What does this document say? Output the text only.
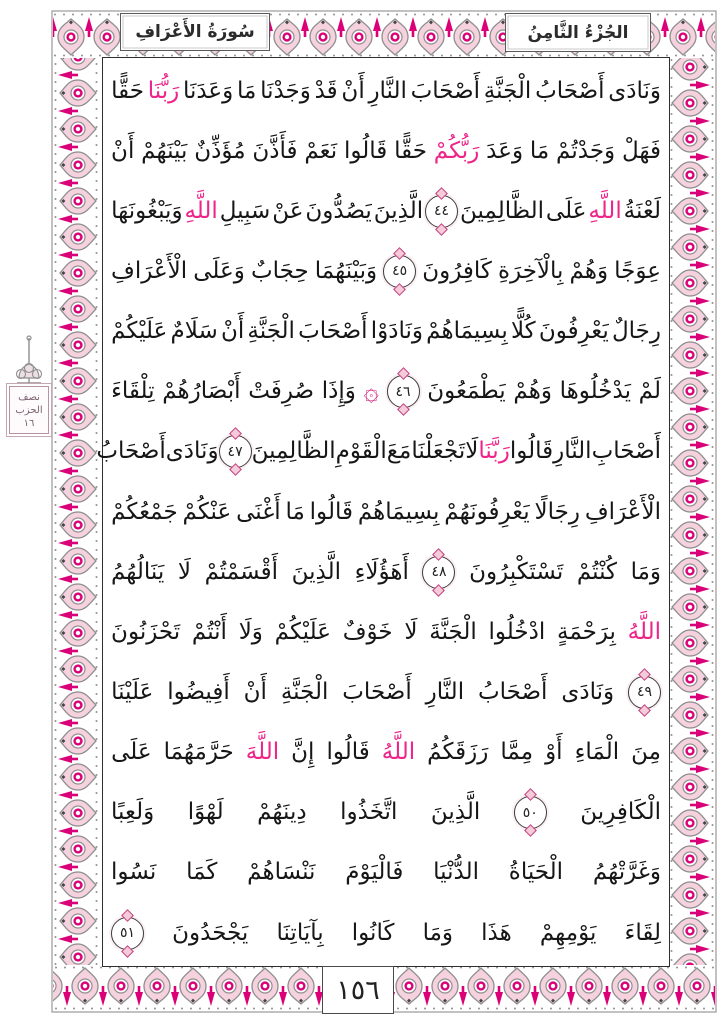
سُورَةُ الأَعْرَافِ	الجُزْءُ الثَّامِنُ
نصف
الحزب
١٦
وَنَادَى
أَصْحَابُ
الْجَنَّةِ
أَصْحَابَ
النَّارِ
أَنْ
قَدْ
وَجَدْنَا
مَا
وَعَدَنَا
رَبُّنَا
حَقًّا
فَهَلْ
وَجَدْتُمْ
مَا
وَعَدَ
رَبُّكُمْ
حَقًّا
قَالُوا
نَعَمْ
فَأَذَّنَ
مُؤَذِّنٌ
بَيْنَهُمْ
أَنْ
لَعْنَةُ
اللَّهِ
عَلَى
الظَّالِمِينَ
٤٤
الَّذِينَ
يَصُدُّونَ
عَنْ
سَبِيلِ
اللَّهِ
وَيَبْغُونَهَا
عِوَجًا
وَهُمْ
بِالْآخِرَةِ
كَافِرُونَ
٤٥
وَبَيْنَهُمَا
حِجَابٌ
وَعَلَى
الْأَعْرَافِ
رِجَالٌ
يَعْرِفُونَ
كُلًّا
بِسِيمَاهُمْ
وَنَادَوْا
أَصْحَابَ
الْجَنَّةِ
أَنْ
سَلَامٌ
عَلَيْكُمْ
لَمْ
يَدْخُلُوهَا
وَهُمْ
يَطْمَعُونَ
٤٦
۞
وَإِذَا
صُرِفَتْ
أَبْصَارُهُمْ
تِلْقَاءَ
أَصْحَابِ
النَّارِ
قَالُوا
رَبَّنَا
لَا
تَجْعَلْنَا
مَعَ
الْقَوْمِ
الظَّالِمِينَ
٤٧
وَنَادَى
أَصْحَابُ
الْأَعْرَافِ
رِجَالًا
يَعْرِفُونَهُمْ
بِسِيمَاهُمْ
قَالُوا
مَا
أَغْنَى
عَنْكُمْ
جَمْعُكُمْ
وَمَا
كُنْتُمْ
تَسْتَكْبِرُونَ
٤٨
أَهَؤُلَاءِ
الَّذِينَ
أَقْسَمْتُمْ
لَا
يَنَالُهُمُ
اللَّهُ
بِرَحْمَةٍ
ادْخُلُوا
الْجَنَّةَ
لَا
خَوْفٌ
عَلَيْكُمْ
وَلَا
أَنْتُمْ
تَحْزَنُونَ
٤٩
وَنَادَى
أَصْحَابُ
النَّارِ
أَصْحَابَ
الْجَنَّةِ
أَنْ
أَفِيضُوا
عَلَيْنَا
مِنَ
الْمَاءِ
أَوْ
مِمَّا
رَزَقَكُمُ
اللَّهُ
قَالُوا
إِنَّ
اللَّهَ
حَرَّمَهُمَا
عَلَى
الْكَافِرِينَ
٥٠
الَّذِينَ
اتَّخَذُوا
دِينَهُمْ
لَهْوًا
وَلَعِبًا
وَغَرَّتْهُمُ
الْحَيَاةُ
الدُّنْيَا
فَالْيَوْمَ
نَنْسَاهُمْ
كَمَا
نَسُوا
لِقَاءَ
يَوْمِهِمْ
هَذَا
وَمَا
كَانُوا
بِآيَاتِنَا
يَجْحَدُونَ
٥١
١٥٦
